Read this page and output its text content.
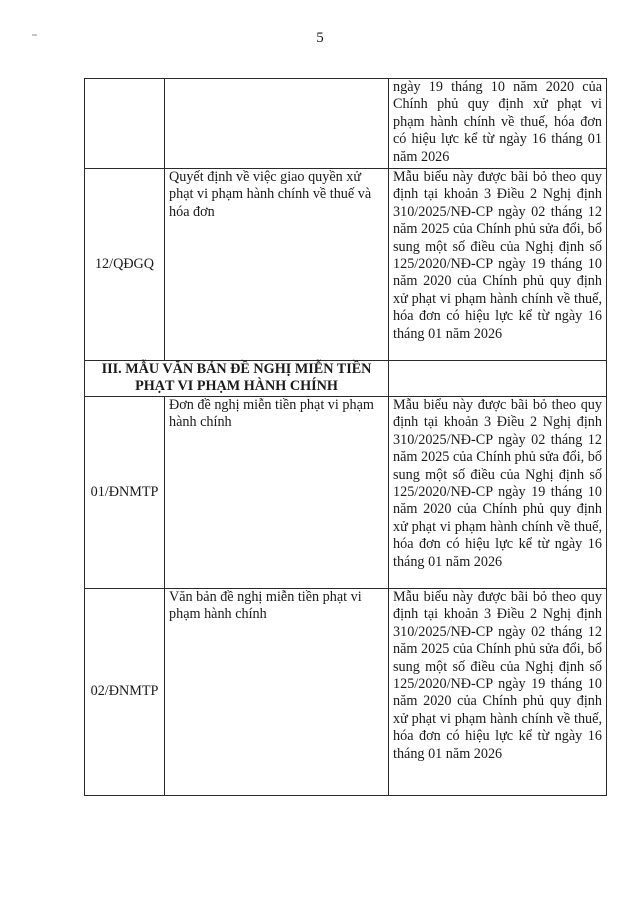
5
		ngày 19 tháng 10 năm 2020 của Chính phủ quy định xử phạt vi phạm hành chính về thuế, hóa đơn có hiệu lực kể từ ngày 16 tháng 01 năm 2026
12/QĐGQ	Quyết định về việc giao quyền xử phạt vi phạm hành chính về thuế và hóa đơn	Mẫu biểu này được bãi bỏ theo quy định tại khoản 3 Điều 2 Nghị định 310/2025/NĐ-CP ngày 02 tháng 12 năm 2025 của Chính phủ sửa đổi, bổ sung một số điều của Nghị định số 125/2020/NĐ-CP ngày 19 tháng 10 năm 2020 của Chính phủ quy định xử phạt vi phạm hành chính về thuế, hóa đơn có hiệu lực kể từ ngày 16 tháng 01 năm 2026
III. MẪU VĂN BẢN ĐỀ NGHỊ MIỄN TIỀN PHẠT VI PHẠM HÀNH CHÍNH		
01/ĐNMTP	Đơn đề nghị miễn tiền phạt vi phạm hành chính	Mẫu biểu này được bãi bỏ theo quy định tại khoản 3 Điều 2 Nghị định 310/2025/NĐ-CP ngày 02 tháng 12 năm 2025 của Chính phủ sửa đổi, bổ sung một số điều của Nghị định số 125/2020/NĐ-CP ngày 19 tháng 10 năm 2020 của Chính phủ quy định xử phạt vi phạm hành chính về thuế, hóa đơn có hiệu lực kể từ ngày 16 tháng 01 năm 2026
02/ĐNMTP	Văn bản đề nghị miễn tiền phạt vi phạm hành chính	Mẫu biểu này được bãi bỏ theo quy định tại khoản 3 Điều 2 Nghị định 310/2025/NĐ-CP ngày 02 tháng 12 năm 2025 của Chính phủ sửa đổi, bổ sung một số điều của Nghị định số 125/2020/NĐ-CP ngày 19 tháng 10 năm 2020 của Chính phủ quy định xử phạt vi phạm hành chính về thuế, hóa đơn có hiệu lực kể từ ngày 16 tháng 01 năm 2026
